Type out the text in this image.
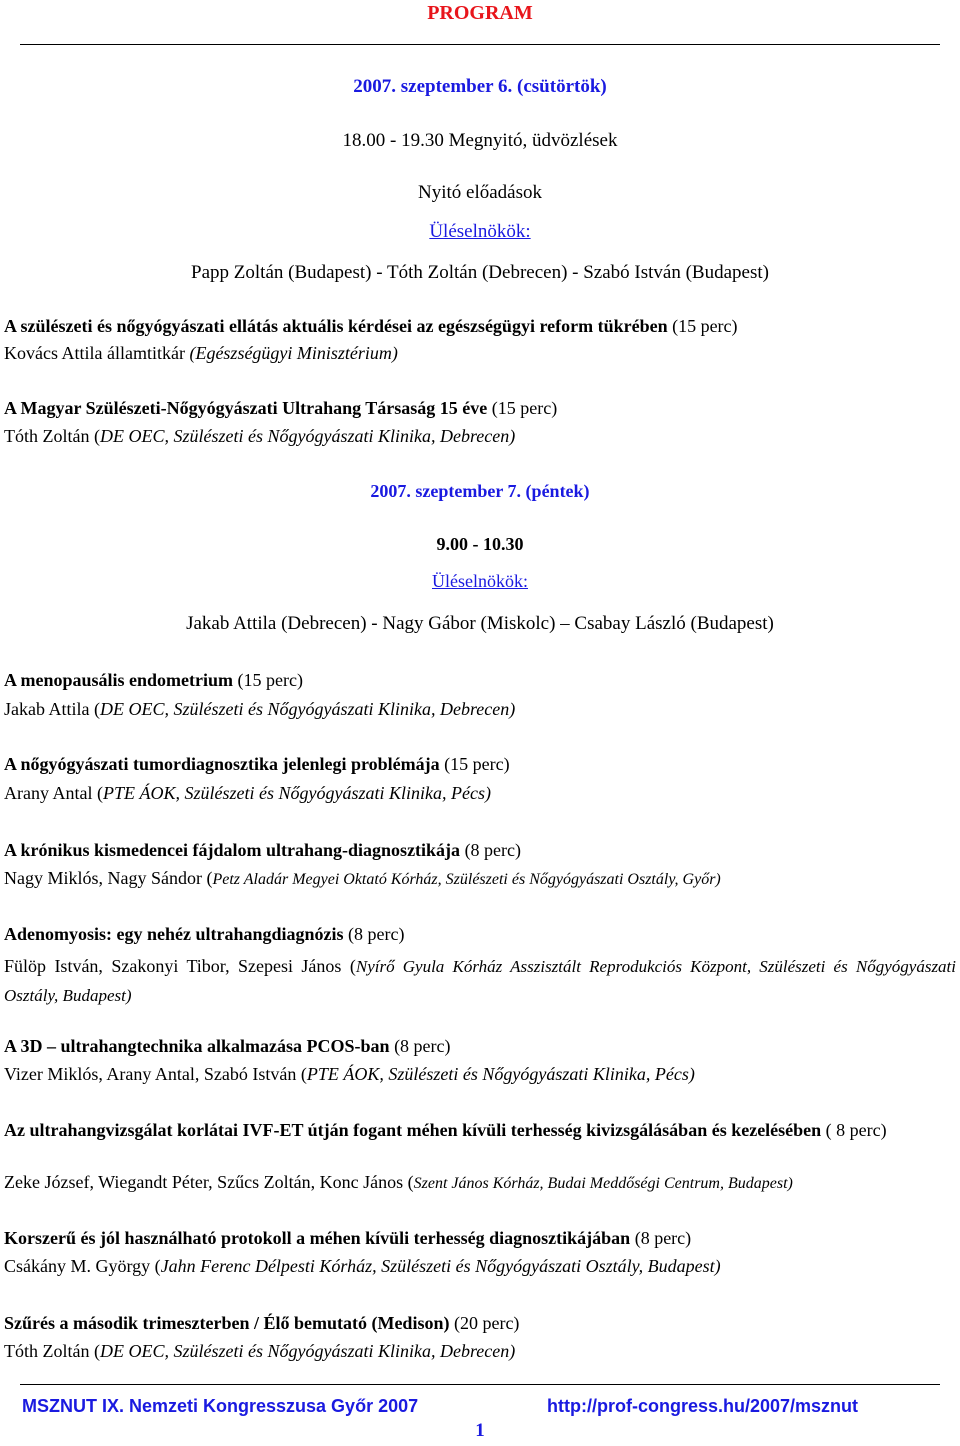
PROGRAM
2007. szeptember 6. (csütörtök)
18.00 - 19.30 Megnyitó, üdvözlések
Nyitó előadások
Üléselnökök:
Papp Zoltán (Budapest) - Tóth Zoltán (Debrecen) - Szabó István (Budapest)
A szülészeti és nőgyógyászati ellátás aktuális kérdései az egészségügyi reform tükrében (15 perc)
Kovács Attila államtitkár (Egészségügyi Minisztérium)
A Magyar Szülészeti-Nőgyógyászati Ultrahang Társaság 15 éve (15 perc)
Tóth Zoltán (DE OEC, Szülészeti és Nőgyógyászati Klinika, Debrecen)
2007. szeptember 7. (péntek)
9.00 - 10.30
Üléselnökök:
Jakab Attila (Debrecen) - Nagy Gábor (Miskolc) – Csabay László (Budapest)
A menopausális endometrium (15 perc)
Jakab Attila (DE OEC, Szülészeti és Nőgyógyászati Klinika, Debrecen)
A nőgyógyászati tumordiagnosztika jelenlegi problémája (15 perc)
Arany Antal (PTE ÁOK, Szülészeti és Nőgyógyászati Klinika, Pécs)
A krónikus kismedencei fájdalom ultrahang-diagnosztikája (8 perc)
Nagy Miklós, Nagy Sándor (Petz Aladár Megyei Oktató Kórház, Szülészeti és Nőgyógyászati Osztály, Győr)
Adenomyosis: egy nehéz ultrahangdiagnózis (8 perc)
Fülöp István, Szakonyi Tibor, Szepesi János (Nyírő Gyula Kórház Asszisztált Reprodukciós Központ, Szülészeti és Nőgyógyászati Osztály, Budapest)
A 3D – ultrahangtechnika alkalmazása PCOS-ban (8 perc)
Vizer Miklós, Arany Antal, Szabó István (PTE ÁOK, Szülészeti és Nőgyógyászati Klinika, Pécs)
Az ultrahangvizsgálat korlátai IVF-ET útján fogant méhen kívüli terhesség kivizsgálásában és kezelésében ( 8 perc)
Zeke József, Wiegandt Péter, Szűcs Zoltán, Konc János (Szent János Kórház, Budai Meddőségi Centrum, Budapest)
Korszerű és jól használható protokoll a méhen kívüli terhesség diagnosztikájában (8 perc)
Csákány M. György (Jahn Ferenc Délpesti Kórház, Szülészeti és Nőgyógyászati Osztály, Budapest)
Szűrés a második trimeszterben / Élő bemutató (Medison) (20 perc)
Tóth Zoltán (DE OEC, Szülészeti és Nőgyógyászati Klinika, Debrecen)
MSZNUT IX. Nemzeti Kongresszusa Győr 2007	http://prof-congress.hu/2007/msznut
1
